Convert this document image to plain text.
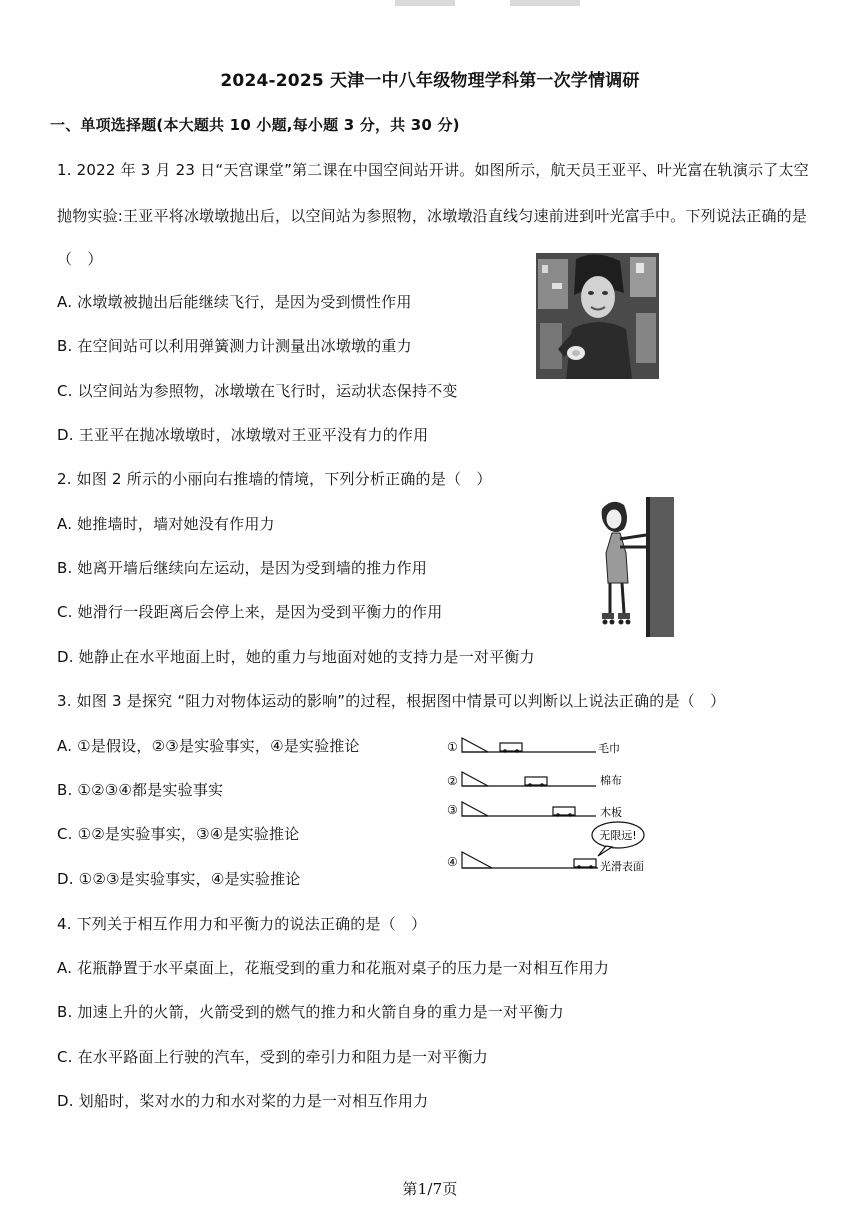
2024-2025 天津一中八年级物理学科第一次学情调研
一、单项选择题(本大题共 10 小题,每小题 3 分，共 30 分)
1. 2022 年 3 月 23 日“天宫课堂”第二课在中国空间站开讲。如图所示，航天员王亚平、叶光富在轨演示了太空
抛物实验:王亚平将冰墩墩抛出后，以空间站为参照物，冰墩墩沿直线匀速前进到叶光富手中。下列说法正确的是
（　）
A. 冰墩墩被抛出后能继续飞行，是因为受到惯性作用
B. 在空间站可以利用弹簧测力计测量出冰墩墩的重力
C. 以空间站为参照物，冰墩墩在飞行时，运动状态保持不变
D. 王亚平在抛冰墩墩时，冰墩墩对王亚平没有力的作用
2. 如图 2 所示的小丽向右推墙的情境，下列分析正确的是（　）
A. 她推墙时，墙对她没有作用力
B. 她离开墙后继续向左运动，是因为受到墙的推力作用
C. 她滑行一段距离后会停上来，是因为受到平衡力的作用
D. 她静止在水平地面上时，她的重力与地面对她的支持力是一对平衡力
3. 如图 3 是探究 “阻力对物体运动的影响”的过程，根据图中情景可以判断以上说法正确的是（　）
A. ①是假设，②③是实验事实，④是实验推论
B. ①②③④都是实验事实
C. ①②是实验事实，③④是实验推论
D. ①②③是实验事实，④是实验推论
①	毛巾
②	棉布
③	木板
无限远!
④	光滑表面
4. 下列关于相互作用力和平衡力的说法正确的是（　）
A. 花瓶静置于水平桌面上，花瓶受到的重力和花瓶对桌子的压力是一对相互作用力
B. 加速上升的火箭，火箭受到的燃气的推力和火箭自身的重力是一对平衡力
C. 在水平路面上行驶的汽车，受到的牵引力和阻力是一对平衡力
D. 划船时，桨对水的力和水对桨的力是一对相互作用力
第1/7页
